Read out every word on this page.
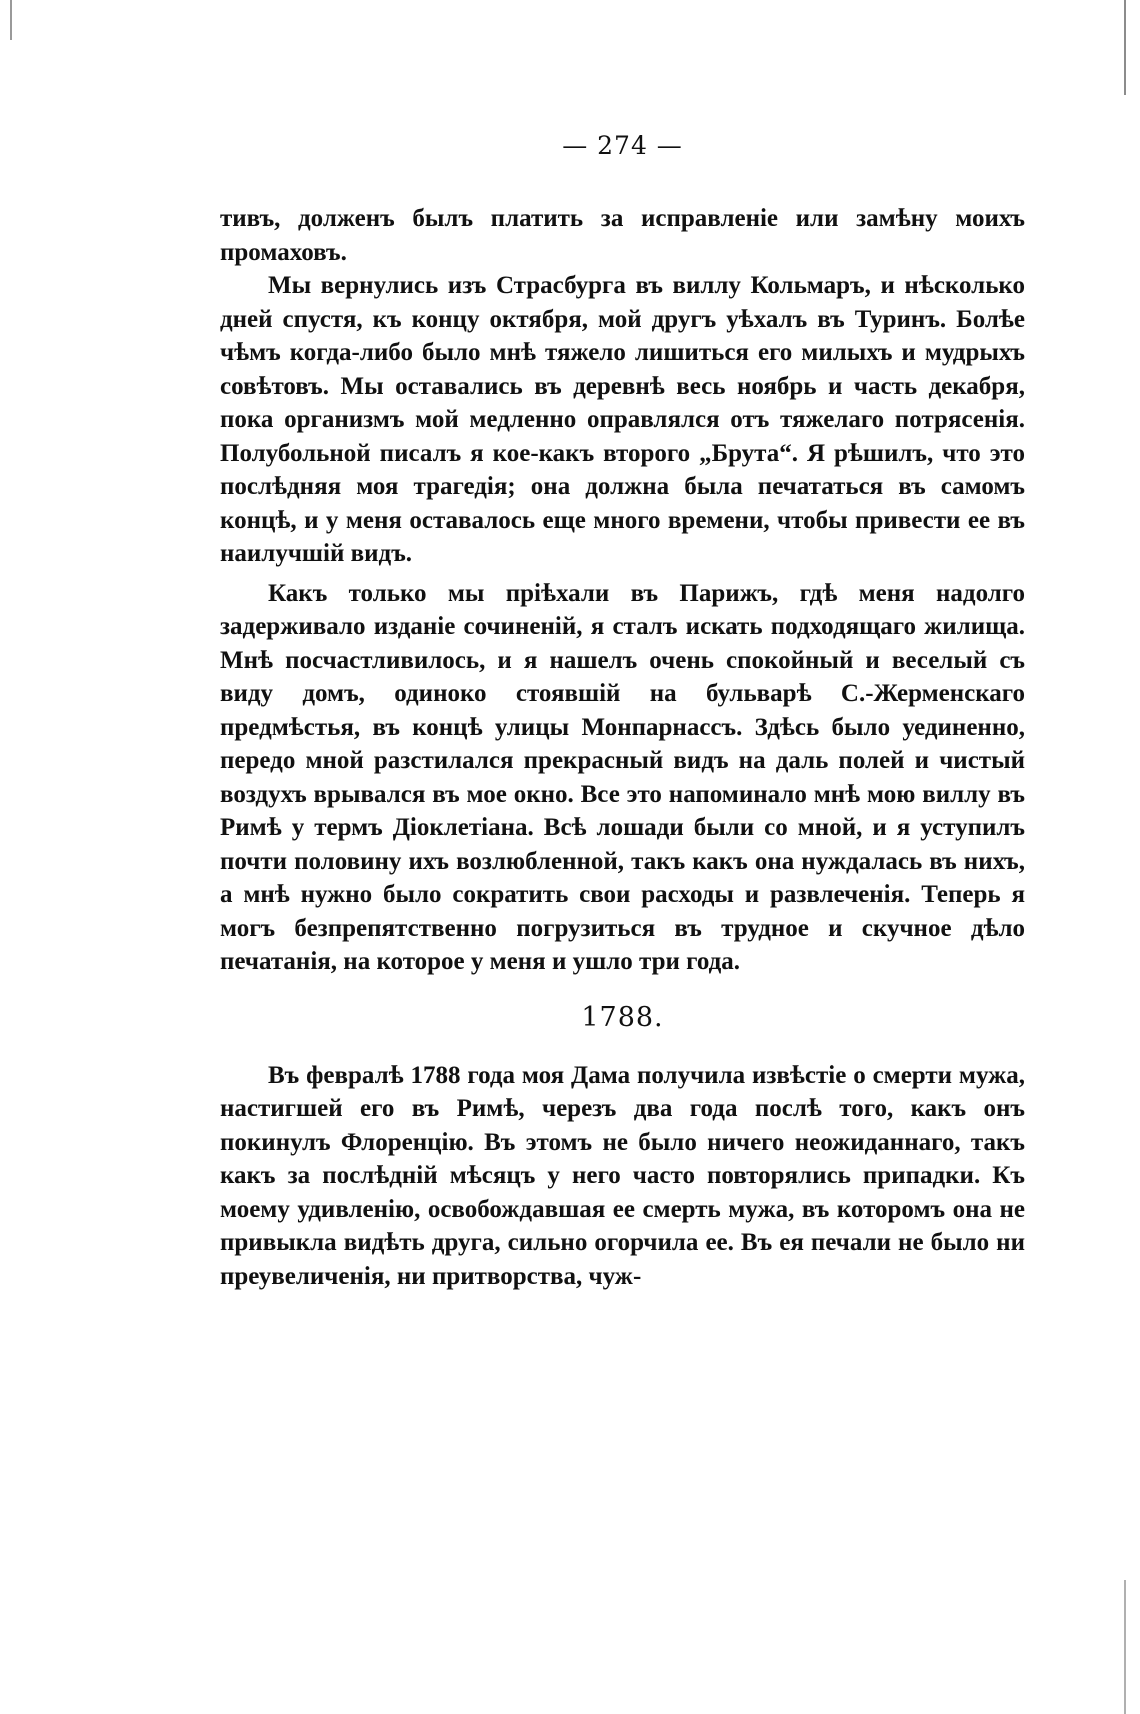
— 274 —

тивъ, долженъ былъ платить за исправленіе или замѣну моихъ промаховъ.

Мы вернулись изъ Страсбурга въ виллу Кольмаръ, и нѣсколько дней спустя, къ концу октября, мой другъ уѣхалъ въ Туринъ. Болѣе чѣмъ когда-либо было мнѣ тяжело лишиться его милыхъ и мудрыхъ совѣтовъ. Мы оставались въ деревнѣ весь ноябрь и часть декабря, пока организмъ мой медленно оправлялся отъ тяжелаго потрясенія. Полубольной писалъ я кое-какъ второго „Брута“. Я рѣшилъ, что это послѣдняя моя трагедія; она должна была печататься въ самомъ концѣ, и у меня оставалось еще много времени, чтобы привести ее въ наилучшій видъ.

Какъ только мы пріѣхали въ Парижъ, гдѣ меня надолго задерживало изданіе сочиненій, я сталъ искать подходящаго жилища. Мнѣ посчастливилось, и я нашелъ очень спокойный и веселый съ виду домъ, одиноко стоявшій на бульварѣ С.-Жерменскаго предмѣстья, въ концѣ улицы Монпарнассъ. Здѣсь было уединенно, передо мной разстилался прекрасный видъ на даль полей и чистый воздухъ врывался въ мое окно. Все это напоминало мнѣ мою виллу въ Римѣ у термъ Діоклетіана. Всѣ лошади были со мной, и я уступилъ почти половину ихъ возлюбленной, такъ какъ она нуждалась въ нихъ, а мнѣ нужно было сократить свои расходы и развлеченія. Теперь я могъ безпрепятственно погрузиться въ трудное и скучное дѣло печатанія, на которое у меня и ушло три года.

1788.

Въ февралѣ 1788 года моя Дама получила извѣстіе о смерти мужа, настигшей его въ Римѣ, черезъ два года послѣ того, какъ онъ покинулъ Флоренцію. Въ этомъ не было ничего неожиданнаго, такъ какъ за послѣдній мѣсяцъ у него часто повторялись припадки. Къ моему удивленію, освобождавшая ее смерть мужа, въ которомъ она не привыкла видѣть друга, сильно огорчила ее. Въ ея печали не было ни преувеличенія, ни притворства, чуж-
